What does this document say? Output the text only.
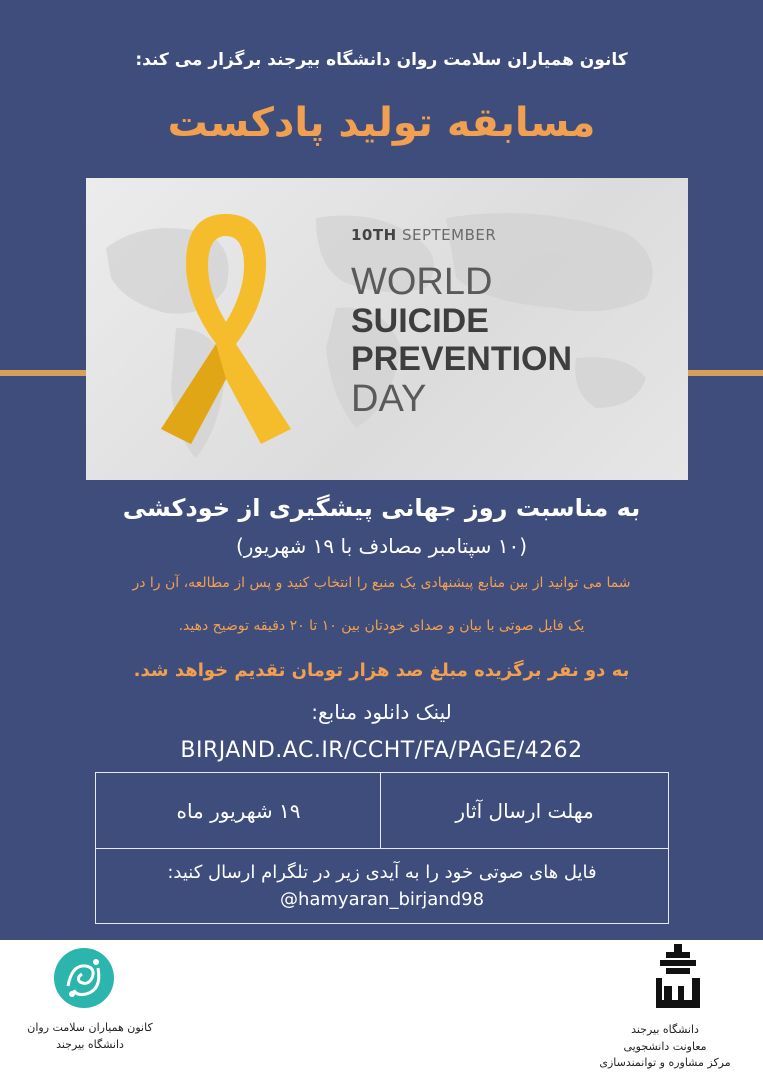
کانون همیاران سلامت روان دانشگاه بیرجند برگزار می کند:
مسابقه تولید پادکست
10TH SEPTEMBER
WORLD
SUICIDE
PREVENTION
DAY
به مناسبت روز جهانی پیشگیری از خودکشی
(۱۰ سپتامبر مصادف با ۱۹ شهریور)
شما می توانید از بین منابع پیشنهادی یک منبع را انتخاب کنید و پس از مطالعه، آن را در
یک فایل صوتی با بیان و صدای خودتان بین ۱۰ تا ۲۰ دقیقه توضیح دهید.
به دو نفر برگزیده مبلغ صد هزار تومان تقدیم خواهد شد.
لینک دانلود منابع:
BIRJAND.AC.IR/CCHT/FA/PAGE/4262
مهلت ارسال آثار
۱۹ شهریور ماه
فایل های صوتی خود را به آیدی زیر در تلگرام ارسال کنید:
@hamyaran_birjand98
کانون همیاران سلامت روان
دانشگاه بیرجند
دانشگاه بیرجند
معاونت دانشجویی
مرکز مشاوره و توانمندسازی
